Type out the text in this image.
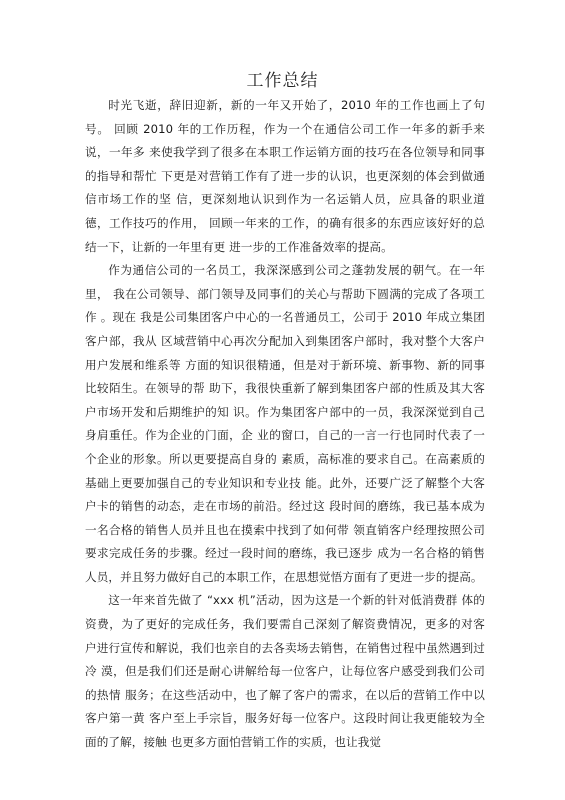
工作总结

时光飞逝，辞旧迎新，新的一年又开始了，2010 年的工作也画上了句号。 回顾 2010 年的工作历程，作为一个在通信公司工作一年多的新手来说，一年多 来使我学到了很多在本职工作运销方面的技巧在各位领导和同事的指导和帮忙 下更是对营销工作有了进一步的认识，也更深刻的体会到做通信市场工作的坚 信，更深刻地认识到作为一名运销人员，应具备的职业道德，工作技巧的作用， 回顾一年来的工作，的确有很多的东西应该好好的总结一下，让新的一年里有更 进一步的工作准备效率的提高。

作为通信公司的一名员工，我深深感到公司之蓬勃发展的朝气。在一年里， 我在公司领导、部门领导及同事们的关心与帮助下圆满的完成了各项工作 。现在 我是公司集团客户中心的一名普通员工，公司于 2010 年成立集团客户部，我从 区域营销中心再次分配加入到集团客户部时，我对整个大客户用户发展和维系等 方面的知识很精通，但是对于新环境、新事物、新的同事比较陌生。在领导的帮 助下，我很快重新了解到集团客户部的性质及其大客户市场开发和后期维护的知 识。作为集团客户部中的一员，我深深觉到自己身肩重任。作为企业的门面，企 业的窗口，自己的一言一行也同时代表了一个企业的形象。所以更要提高自身的 素质，高标准的要求自己。在高素质的基础上更要加强自己的专业知识和专业技 能。此外，还要广泛了解整个大客户卡的销售的动态，走在市场的前沿。经过这 段时间的磨练，我已基本成为一名合格的销售人员并且也在摸索中找到了如何带 领直销客户经理按照公司要求完成任务的步骤。经过一段时间的磨练，我已逐步 成为一名合格的销售人员，并且努力做好自己的本职工作，在思想觉悟方面有了更进一步的提高。

这一年来首先做了 “xxx 机”活动，因为这是一个新的针对低消费群 体的资费，为了更好的完成任务，我们要需自己深刻了解资费情况，更多的对客 户进行宣传和解说，我们也亲自的去各卖场去销售，在销售过程中虽然遇到过冷 漠，但是我们们还是耐心讲解给每一位客户，让每位客户感受到我们公司的热情 服务；在这些活动中，也了解了客户的需求，在以后的营销工作中以客户第一黄 客户至上手宗旨，服务好每一位客户。这段时间让我更能较为全面的了解，接触 也更多方面怕营销工作的实质，也让我觉
